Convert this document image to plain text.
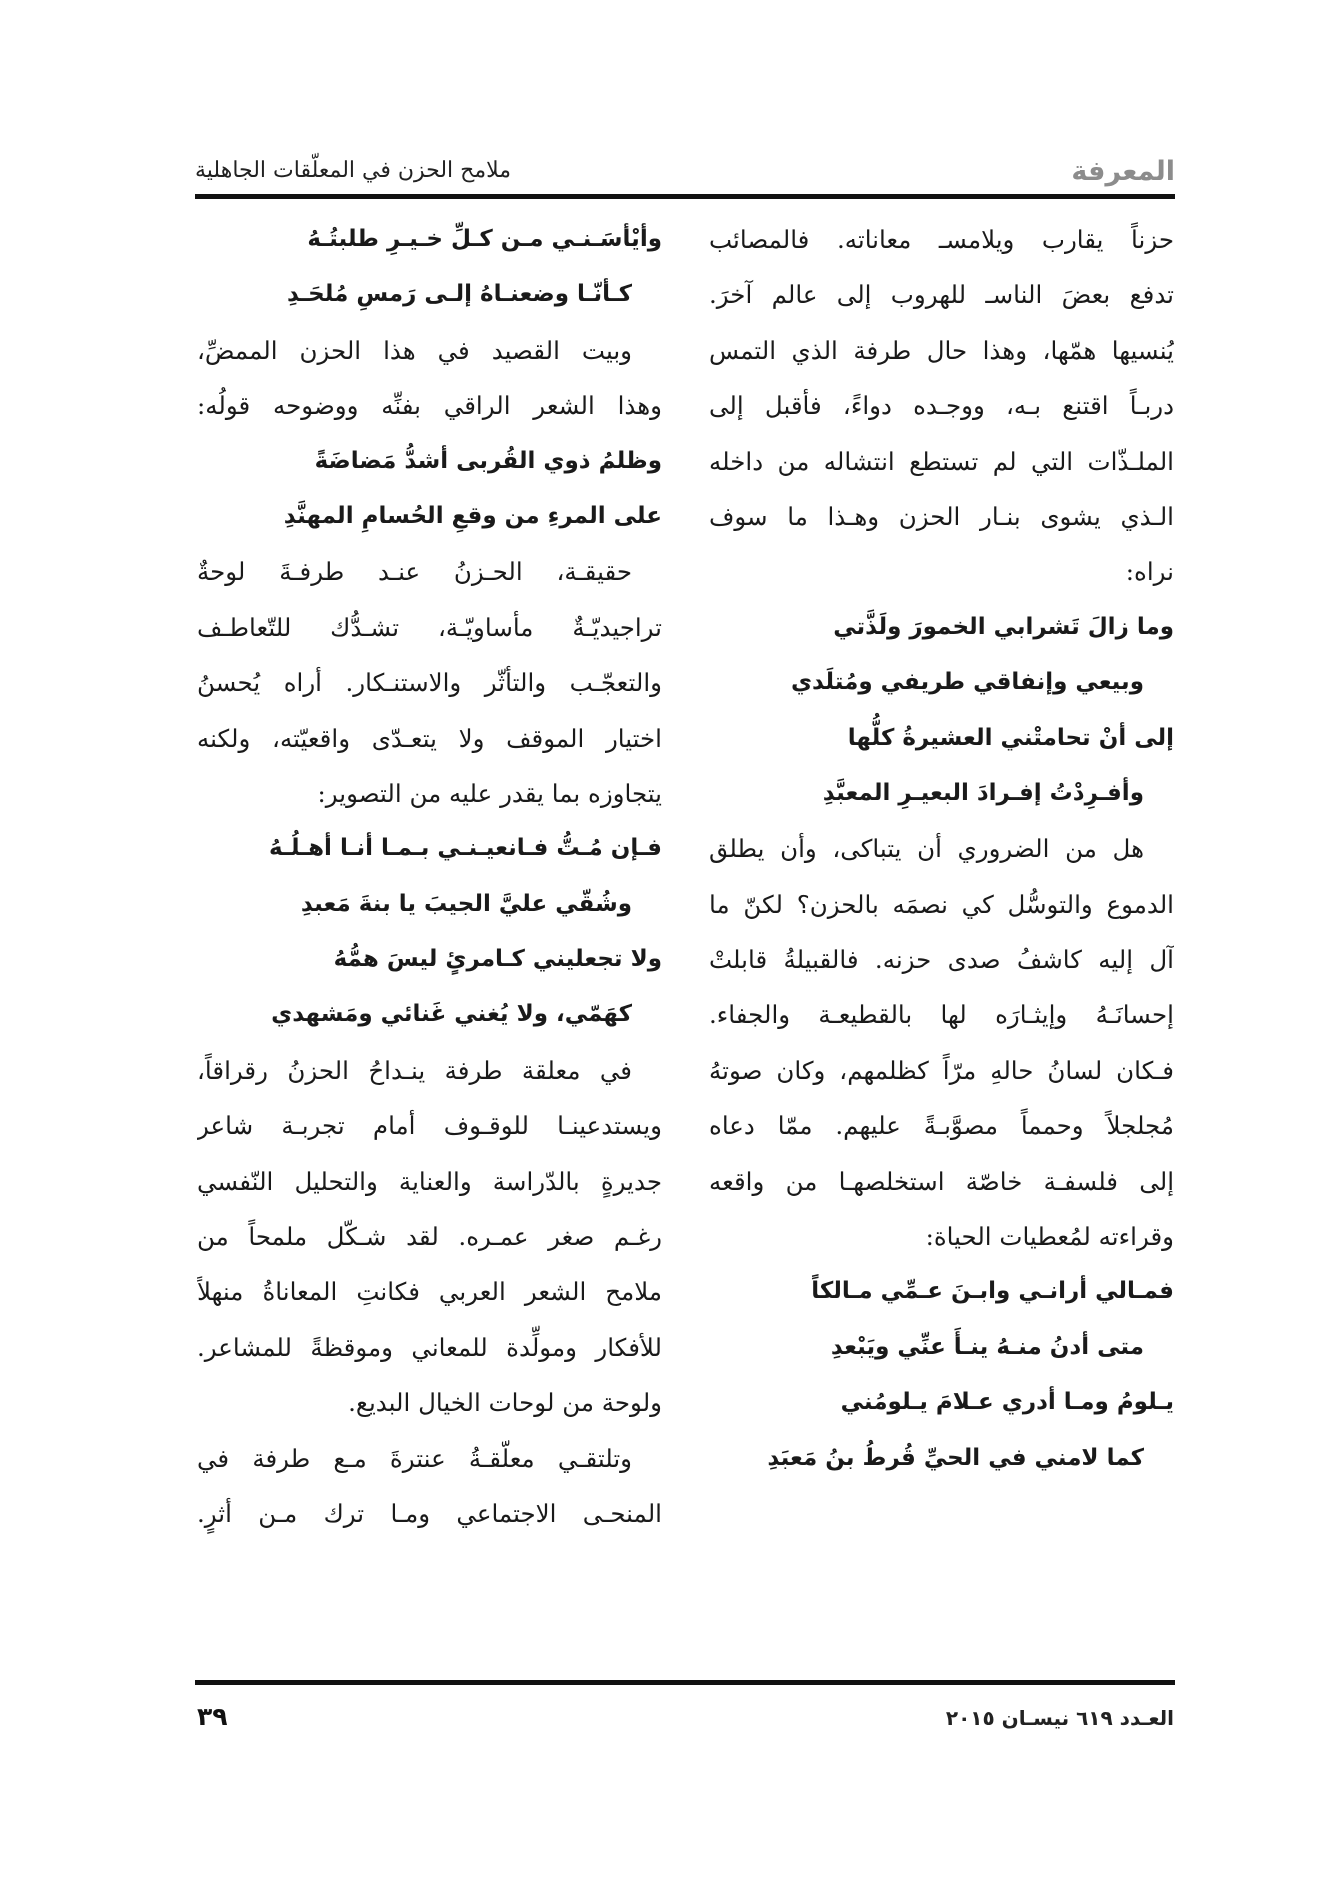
المعرفة
ملامح الحزن في المعلّقات الجاهلية
حزناً يقارب ويلامسـ معاناته. فالمصائب
تدفع بعضَ الناسـ للهروب إلى عالم آخرَ.
يُنسيها همّها، وهذا حال طرفة الذي التمس
دربـاً اقتنع بـه، ووجـده دواءً، فأقبل إلى
الملـذّات التي لم تستطع انتشاله من داخله
الـذي يشوى بنـار الحزن وهـذا ما سوف
نراه:
وما زالَ تَشرابي الخمورَ ولَذَّتي
وبيعي وإنفاقي طريفي ومُتلَدي
إلى أنْ تحامتْني العشيرةُ كلُّها
وأفـرِدْتُ إفـرادَ البعيـرِ المعبَّدِ
هل من الضروري أن يتباكى، وأن يطلق
الدموع والتوسُّل كي نصمَه بالحزن؟ لكنّ ما
آل إليه كاشفُ صدى حزنه. فالقبيلةُ قابلتْ
إحسانَـهُ وإيثـارَه لها بالقطيعـة والجفاء.
فـكان لسانُ حالهِ مرّاً كظلمهم، وكان صوتهُ
مُجلجلاً وحمماً مصوَّبـةً عليهم. ممّا دعاه
إلى فلسفـة خاصّة استخلصهـا من واقعه
وقراءته لمُعطيات الحياة:
فمـالي أرانـي وابـنَ عـمِّي مـالكاً
متى أدنُ منـهُ ينـأَ عنِّي ويَبْعدِ
يـلومُ ومـا أدري عـلامَ يـلومُني
كما لامني في الحيِّ قُرطُ بنُ مَعبَدِ
وأيْأسَـنـي مـن كـلِّ خـيـرِ طلبتُـهُ
كـأنّـا وضعنـاهُ إلـى رَمسِ مُلحَـدِ
وبيت القصيد في هذا الحزن الممضِّ،
وهذا الشعر الراقي بفنِّه ووضوحه قولُه:
وظلمُ ذوي القُربى أشدُّ مَضاضَةً
على المرءِ من وقعِ الحُسامِ المهنَّدِ
حقيقـة، الحـزنُ عنـد طرفـةَ لوحةٌ
تراجيديّـةٌ مأساويّـة، تشـدُّك للتّعاطـف
والتعجّـب والتأثّر والاستنـكار. أراه يُحسنُ
اختيار الموقف ولا يتعـدّى واقعيّته، ولكنه
يتجاوزه بما يقدر عليه من التصوير:
فـإن مُـتُّ فـانعيـنـي بـمـا أنـا أهـلُـهُ
وشُقّي عليَّ الجيبَ يا بنةَ مَعبدِ
ولا تجعليني كـامرئٍ ليسَ همُّهُ
كهَمّي، ولا يُغني غَنائي ومَشهدي
في معلقة طرفة ينـداحُ الحزنُ رقراقاً،
ويستدعينـا للوقـوف أمام تجربـة شاعر
جديرةٍ بالدّراسة والعناية والتحليل النّفسي
رغـم صغر عمـره. لقد شـكّل ملمحاً من
ملامح الشعر العربي فكانتِ المعاناةُ منهلاً
للأفكار ومولِّدة للمعاني وموقظةً للمشاعر.
ولوحة من لوحات الخيال البديع.
وتلتقـي معلّقـةُ عنترةَ مـع طرفة في
المنحـى الاجتماعي ومـا ترك مـن أثرٍ.
العـدد ٦١٩ نيسـان ٢٠١٥
٣٩
